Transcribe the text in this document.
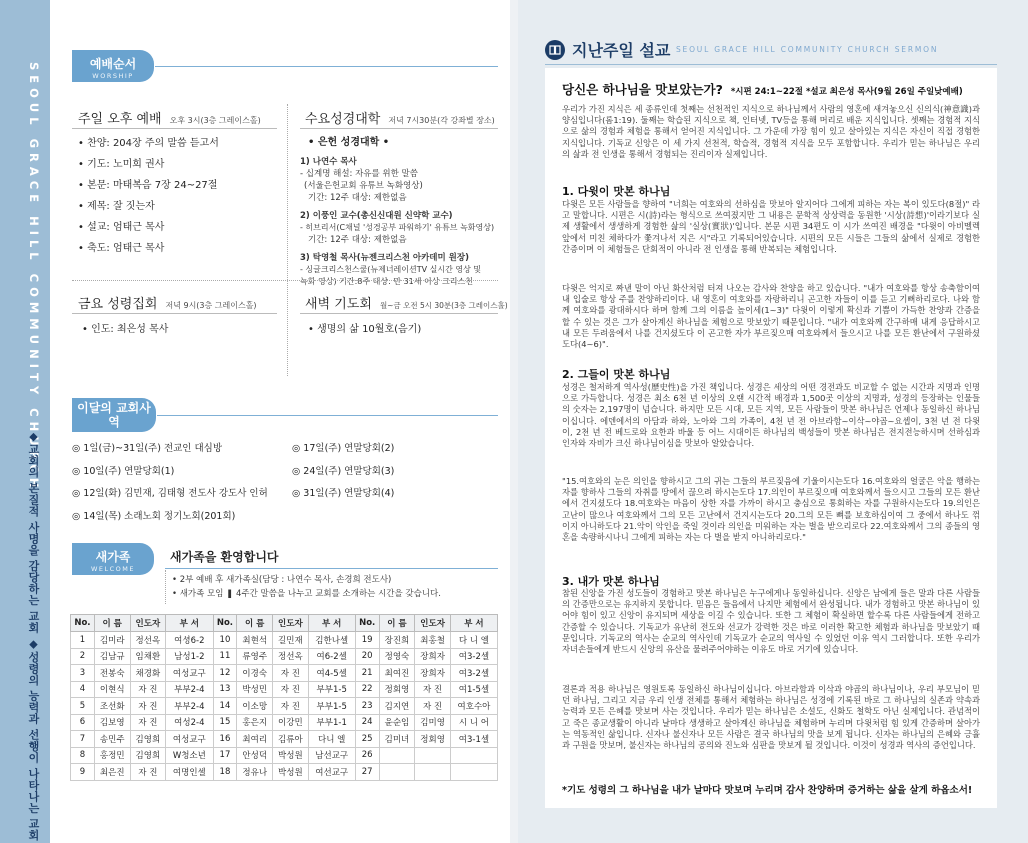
SEOUL GRACE HILL COMMUNITY CHURCH
◆교회의 본질적 사명을 감당하는 교회 ◆성령의 능력과 선행이 나타나는 교회
예배순서
WORSHIP
주일 오후 예배 오후 3시(3층 그레이스홀)
• 찬양: 204장 주의 말씀 듣고서
• 기도: 노미희 권사
• 본문: 마태복음 7장 24~27절
• 제목: 잘 짓는자
• 설교: 엄태근 목사
• 축도: 엄태근 목사
수요성경대학 저녁 7시30분(각 강좌별 장소)
• 은헌 성경대학 •
1) 나연수 목사
- 십계명 해설: 자유를 위한 말씀
(서울은헌교회 유튜브 녹화영상)
기간: 12주 대상: 제한없음
2) 이풍인 교수(총신신대원 신약학 교수)
- 히브리서(C채널 '성경공부 파워하기' 유튜브 녹화영상)
기간: 12주 대상: 제한없음
3) 탁영철 목사(뉴젠크리스천 아카데미 원장)
- 싱글크리스천스쿨(뉴제너레이션TV 실시간 영상 및
녹화 영상) 기간:8주 대상: 만 31세 이상 크리스천
금요 성령집회 저녁 9시(3층 그레이스홀)
• 인도: 최은성 목사
새벽 기도회 월~금 오전 5시 30분(3층 그레이스홀)
• 생명의 삶 10월호(음기)
이달의 교회사역
◎ 1일(금)~31일(주) 전교인 대심방
◎ 10일(주) 연말당회(1)
◎ 12일(화) 김민재, 김태형 전도사 강도사 인허
◎ 14일(목) 소래노회 정기노회(201회)
◎ 17일(주) 연말당회(2)
◎ 24일(주) 연말당회(3)
◎ 31일(주) 연말당회(4)
새가족
WELCOME
새가족을 환영합니다
• 2부 예배 후 새가족실(담당 : 나연수 목사, 손경희 전도사)
• 새가족 모임 ❚ 4주간 말씀을 나누고 교회를 소개하는 시간을 갖습니다.
No.	이 름	인도자	부 서	No.	이 름	인도자	부 서	No.	이 름	인도자	부 서
1	김미라	정선옥	여셩6-2	10	최현석	길민재	김한나셀	19	장진희	최홍철	다 니 엘
2	김남규	임채환	남성1-2	11	류영주	정선옥	여6-2셀	20	정영숙	장희자	여3-2셀
3	전봉숙	채경화	여성교구	12	이경숙	자 진	여4-5셀	21	최여진	장희자	여3-2셀
4	이현식	자 진	부부2-4	13	박성민	자 진	부부1-5	22	정회영	자 진	여1-5셀
5	조선화	자 진	부부2-4	14	이소망	자 진	부부1-5	23	김지연	자 진	여호수아
6	김보영	자 진	여성2-4	15	홍은지	이강민	부부1-1	24	윤순임	김미영	시 니 어
7	송민주	김영희	여성교구	16	최여리	김류아	다니 엘	25	김미녀	정회영	여3-1셀
8	홍정민	김영희	W청소년	17	안성덕	박성원	남선교구	26			
9	최은진	자 진	여명인셀	18	정유나	박성원	여선교구	27			
지난주일 설교 SEOUL GRACE HILL COMMUNITY CHURCH SERMON
당신은 하나님을 맛보았는가? *시편 24:1~22절 *설교 최은성 목사(9월 26일 주일낮예배)
우리가 가진 지식은 세 종류인데 첫째는 선천적인 지식으로 하나님께서 사람의 영혼에 새겨놓으신 신의식(神意識)과 양심입니다(롬1:19). 둘째는 학습된 지식으로 책, 인터넷, TV등을 통해 머리로 배운 지식입니다. 셋째는 경험적 지식으로 삶의 경험과 체험을 통해서 얻어진 지식입니다. 그 가운데 가장 힘이 있고 살아있는 지식은 자신이 직접 경험한 지식입니다. 기독교 신앙은 이 세 가지 선천적, 학습적, 경험적 지식을 모두 포함합니다. 우리가 믿는 하나님은 우리의 삶과 전 인생을 통해서 경험되는 진리이자 실제입니다.
1. 다윗이 맛본 하나님
다윗은 모든 사람들을 향하여 "너희는 여호와의 선하심을 맛보아 알지어다 그에게 피하는 자는 복이 있도다(8절)" 라고 말합니다. 시편은 시(詩)라는 형식으로 쓰여졌지만 그 내용은 문학적 상상력을 동원한 '시상(詩想)'이라기보다 실제 생활에서 생생하게 경험한 삶의 '실상(實狀)'입니다. 본문 시편 34편도 이 시가 쓰여진 배경을 "다윗이 아비멜렉 앞에서 미친 체하다가 쫓겨나서 지은 시"라고 기록되어있습니다. 시편의 모든 시들은 그들의 삶에서 실제로 경험한 간증이며 이 체험들은 단회적이 아니라 전 인생을 통해 반복되는 체험입니다.
다윗은 억지로 짜낸 말이 아닌 화산처럼 터져 나오는 감사와 찬양을 하고 있습니다. "내가 여호와를 항상 송축함이여 내 입술로 항상 주를 찬양하리이다. 내 영혼이 여호와를 자랑하리니 곤고한 자들이 이를 듣고 기뻐하리로다. 나와 함께 여호와를 광대하시다 하며 함께 그의 이름을 높이세(1~3)" 다윗이 이렇게 확신과 기쁨이 가득한 찬양과 간증을 할 수 있는 것은 그가 살아계신 하나님을 체험으로 맛보았기 때문입니다. "내가 여호와께 간구하매 내게 응답하시고 내 모든 두려움에서 나를 건지셨도다 이 곤고한 자가 부르짖으매 여호와께서 들으시고 나를 모든 환난에서 구원하셨도다(4~6)".
2. 그들이 맛본 하나님
성경은 철저하게 역사성(歷史性)을 가진 책입니다. 성경은 세상의 어떤 경전과도 비교할 수 없는 시간과 지명과 인명으로 가득합니다. 성경은 최소 6천 년 이상의 오랜 시간적 배경과 1,500곳 이상의 지명과, 성경의 등장하는 인물들의 숫자는 2,197명이 넘습니다. 하지만 모든 시대, 모든 지역, 모든 사람들이 맛본 하나님은 언제나 동일하신 하나님이십니다. 에덴에서의 아담과 하와, 노아와 그의 가족이, 4천 년 전 아브라함~이삭~야곱~요셉이, 3천 년 전 다윗이, 2천 년 전 베드로와 요한과 바울 등 어느 시대이든 하나님의 백성들이 맛본 하나님은 전지전능하시며 선하심과 인자와 자비가 크신 하나님이심을 맛보아 알았습니다.
"15.여호와의 눈은 의인을 향하시고 그의 귀는 그들의 부르짖음에 기울이시는도다 16.여호와의 얼굴은 악을 행하는 자를 향하사 그들의 자취를 땅에서 끊으려 하시는도다 17.의인이 부르짖으매 여호와께서 들으시고 그들의 모든 환난에서 건지셨도다 18.여호와는 마음이 상한 자를 가까이 하시고 충심으로 통회하는 자를 구원하시는도다 19.의인은 고난이 많으나 여호와께서 그의 모든 고난에서 건지시는도다 20.그의 모든 뼈를 보호하심이여 그 중에서 하나도 꺾이지 아니하도다 21.악이 악인을 죽일 것이라 의인을 미워하는 자는 벌을 받으리로다 22.여호와께서 그의 종들의 영혼을 속량하시나니 그에게 피하는 자는 다 벌을 받지 아니하리로다."
3. 내가 맛본 하나님
참된 신앙을 가진 성도들이 경험하고 맛본 하나님은 누구에게나 동일하십니다. 신앙은 남에게 들은 말과 다른 사람들의 간증만으로는 유지하지 못합니다. 믿음은 들음에서 나지만 체험에서 완성됩니다. 내가 경험하고 맛본 하나님이 있어야 힘이 있고 신앙이 유지되며 세상을 이길 수 있습니다. 또한 그 체험이 확실하면 할수록 다른 사람들에게 전하고 간증할 수 있습니다. 기독교가 유난히 전도와 선교가 강력한 것은 바로 이러한 확고한 체험과 하나님을 맛보았기 때문입니다. 기독교의 역사는 순교의 역사인데 기독교가 순교의 역사일 수 있었던 이유 역시 그러합니다. 또한 우리가 자녀손들에게 반드시 신앙의 유산을 물려주어야하는 이유도 바로 거기에 있습니다.
결론과 적용 하나님은 영원토록 동일하신 하나님이십니다. 아브라함과 이삭과 야곱의 하나님이나, 우리 부모님이 믿던 하나님, 그리고 지금 우리 인생 전체를 통해서 체험하는 하나님은 성경에 기록된 바로 그 하나님의 실존과 약속과 능력과 모든 은혜를 맛보며 사는 것입니다. 우리가 믿는 하나님은 소설도, 신화도 철학도 아닌 실제입니다. 관념적이고 죽은 종교생활이 아니라 날마다 생생하고 살아계신 하나님을 체험하며 누리며 다윗처럼 힘 있게 간증하며 살아가는 역동적인 삶입니다. 신자나 불신자나 모든 사람은 결국 하나님의 맛을 보게 됩니다. 신자는 하나님의 은혜와 긍휼과 구원을 맛보며, 불신자는 하나님의 공의와 진노와 심판을 맛보게 될 것입니다. 이것이 성경과 역사의 증언입니다.
*기도 성령의 그 하나님을 내가 날마다 맛보며 누리며 감사 찬양하며 증거하는 삶을 살게 하옵소서!
